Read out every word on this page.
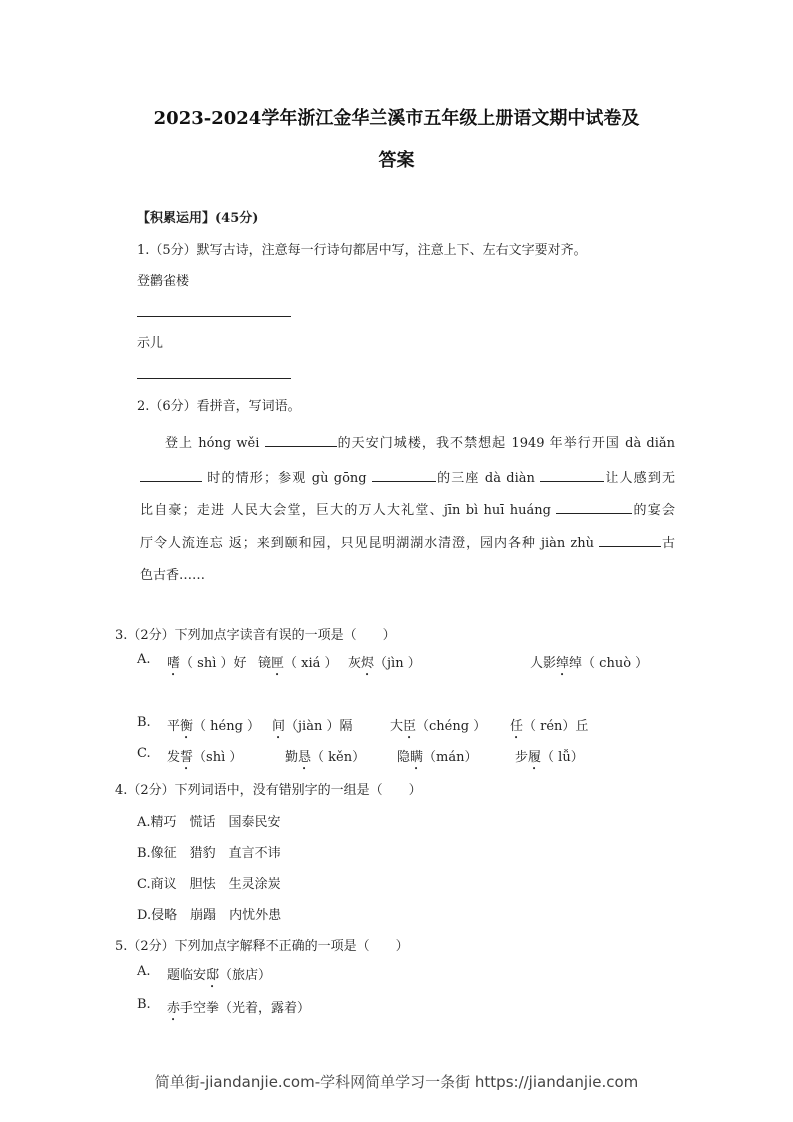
2023-2024学年浙江金华兰溪市五年级上册语文期中试卷及
答案
【积累运用】(45分)
1.（5分）默写古诗，注意每一行诗句都居中写，注意上下、左右文字要对齐。
登鹳雀楼
示儿
2.（6分）看拼音，写词语。
登上 hóng wěi	的天安门城楼，我不禁想起 1949 年举行开国 dà diǎn
时的情形；参观 gù gōng	的三座 dà diàn	让人感到无
比自豪；走进 人民大会堂，巨大的万人大礼堂、jīn bì huī huáng	的宴会
厅令人流连忘 返；来到颐和园，只见昆明湖湖水清澄，园内各种 jiàn zhù	古
色古香……
3.（2分）下列加点字读音有误的一项是（　　）
A. 嗜（ shì ）好 镜匣（ xiá ） 灰烬（jìn ）	人影绰绰（ chuò ）
B. 平衡（ héng ） 间（jiàn ）隔	大臣（chéng ） 任（ rén）丘
C. 发誓（shì ）	勤恳（ kěn） 隐瞒（mán）	步履（ lǚ）
4.（2分）下列词语中，没有错别字的一组是（　　）
A.精巧　慌话　国泰民安
B.像征　猎豹　直言不讳
C.商议　胆怯　生灵涂炭
D.侵略　崩蹋　内忧外患
5.（2分）下列加点字解释不正确的一项是（　　）
A. 题临安邸（旅店）
B. 赤手空拳（光着，露着）
简单街-jiandanjie.com-学科网简单学习一条街 https://jiandanjie.com
